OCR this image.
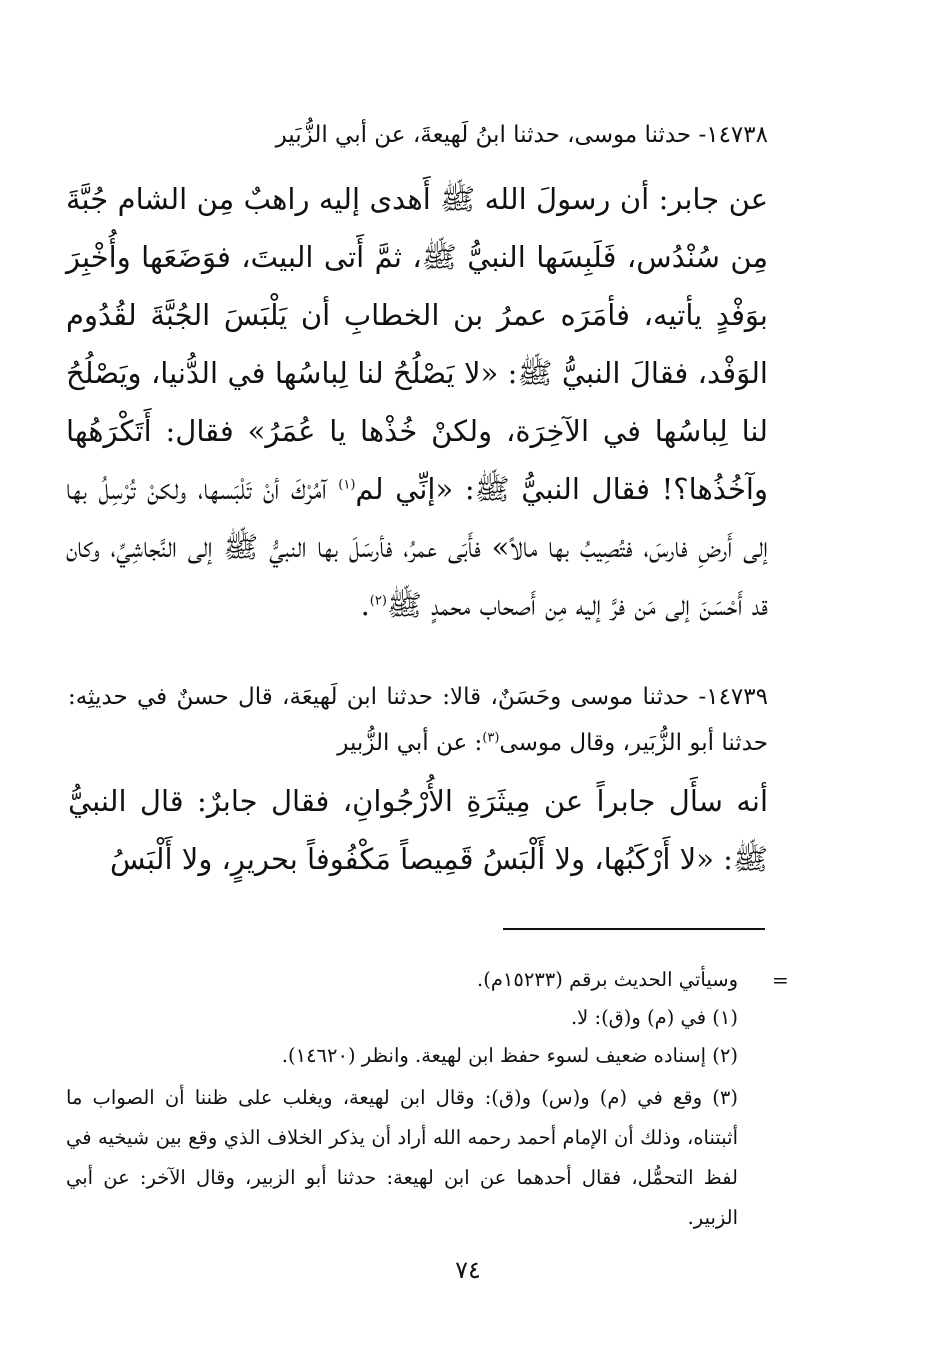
١٤٧٣٨- حدثنا موسى، حدثنا ابنُ لَهيعةَ، عن أبي الزُّبَير

عن جابر: أن رسولَ الله ﷺ أَهدى إليه راهبٌ مِن الشام جُبَّةَ مِن سُنْدُس، فَلَبِسَها النبيُّ ﷺ، ثمَّ أَتى البيتَ، فوَضَعَها وأُخْبِرَ بوَفْدٍ يأتيه، فأمَرَه عمرُ بن الخطابِ أن يَلْبَسَ الجُبَّةَ لقُدُوم الوَفْد، فقالَ النبيُّ ﷺ: «لا يَصْلُحُ لنا لِباسُها في الدُّنيا، ويَصْلُحُ لنا لِباسُها في الآخِرَة، ولكنْ خُذْها يا عُمَرُ» فقال: أَتَكْرَهُها وآخُذُها؟! فقال النبيُّ ﷺ: «إنِّي لم$^{(١)}$ آمُرْكَ أنْ تَلْبَسها، ولكنْ تُرْسِلُ بها إلى أَرضِ فارسَ، فتُصِيبُ بها مالاً» فأَبَى عمرُ، فأرسَلَ بها النبيُّ ﷺ إلى النَّجاشِيِّ، وكان قد أَحْسَنَ إلى مَن فرَّ إليه مِن أَصحاب محمدٍ ﷺ$^{(٢)}$.

١٤٧٣٩- حدثنا موسى وحَسَنٌ، قالا: حدثنا ابن لَهيعَة، قال حسنٌ في حديثِه: حدثنا أبو الزُّبَير، وقال موسى$^{(٣)}$: عن أبي الزُّبير

أنه سأَل جابراً عن مِيثَرَةِ الأُرْجُوانِ، فقال جابرٌ: قال النبيُّ ﷺ: «لا أَرْكَبُها، ولا أَلْبَسُ قَمِيصاً مَكْفُوفاً بحريرٍ، ولا أَلْبَسُ

=

وسيأتي الحديث برقم (١٥٢٣٣م).

(١) في (م) و(ق): لا.

(٢) إسناده ضعيف لسوء حفظ ابن لهيعة. وانظر (١٤٦٢٠).

(٣) وقع في (م) و(س) و(ق): وقال ابن لهيعة، ويغلب على ظننا أن الصواب ما أثبتناه، وذلك أن الإمام أحمد رحمه الله أراد أن يذكر الخلاف الذي وقع بين شيخيه في لفظ التحمُّل، فقال أحدهما عن ابن لهيعة: حدثنا أبو الزبير، وقال الآخر: عن أبي الزبير.

٧٤
